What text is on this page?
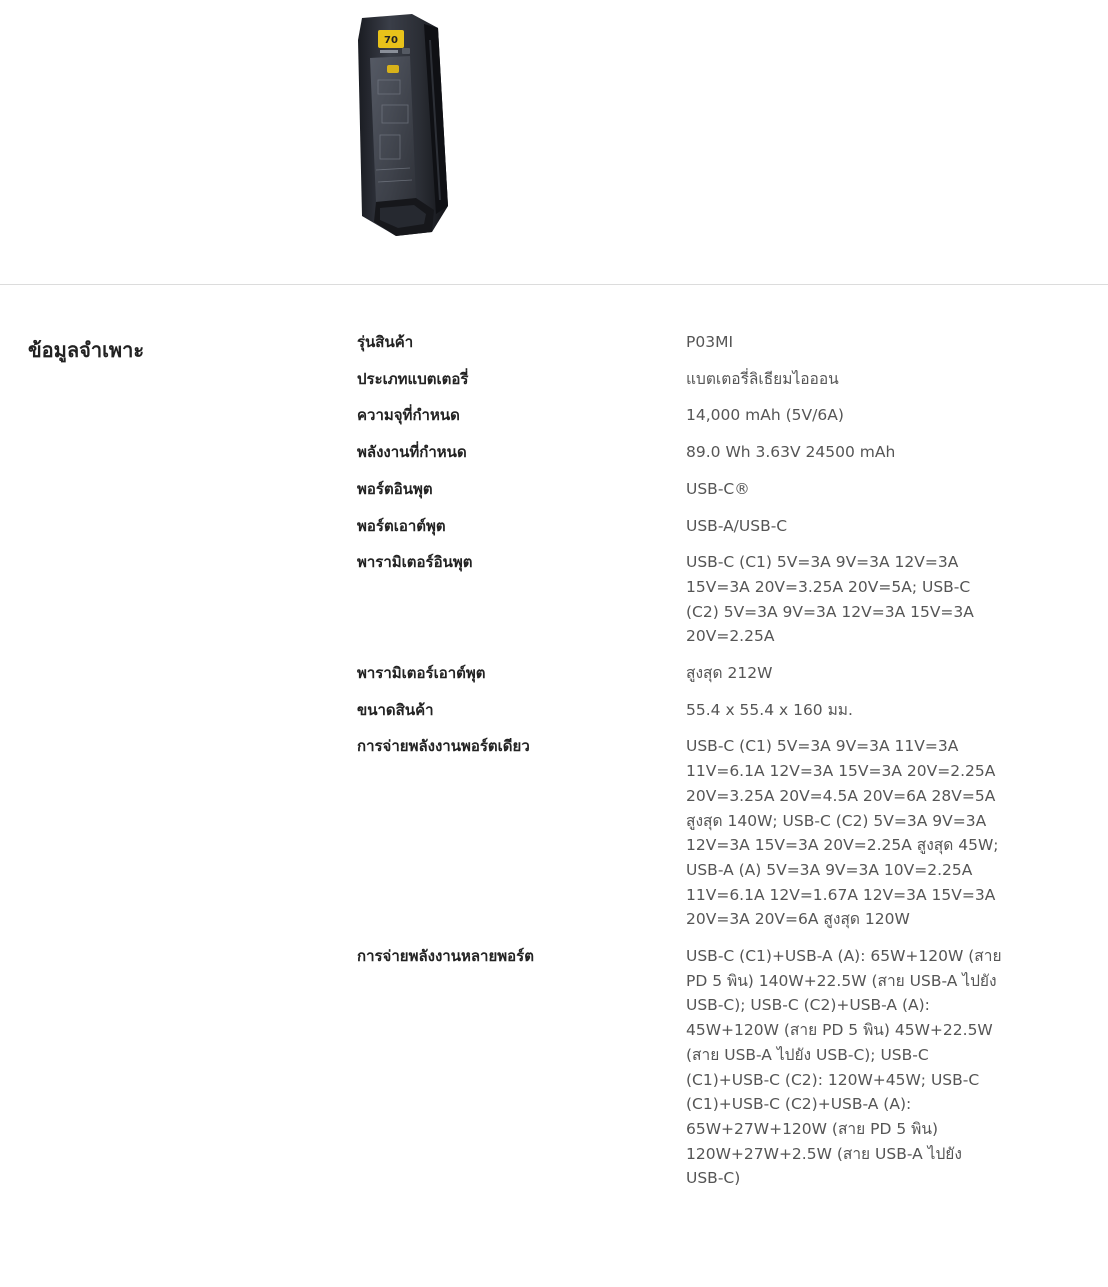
70
ข้อมูลจำเพาะ	รุ่นสินค้า	P03MI
ประเภทแบตเตอรี่	แบตเตอรี่ลิเธียมไอออน
ความจุที่กำหนด	14,000 mAh (5V/6A)
พลังงานที่กำหนด	89.0 Wh 3.63V 24500 mAh
พอร์ตอินพุต	USB-C®
พอร์ตเอาต์พุต	USB-A/USB-C
พารามิเตอร์อินพุต	USB-C (C1) 5V=3A 9V=3A 12V=3A 15V=3A 20V=3.25A 20V=5A; USB-C (C2) 5V=3A 9V=3A 12V=3A 15V=3A 20V=2.25A
พารามิเตอร์เอาต์พุต	สูงสุด 212W
ขนาดสินค้า	55.4 x 55.4 x 160 มม.
การจ่ายพลังงานพอร์ตเดียว	USB-C (C1) 5V=3A 9V=3A 11V=3A 11V=6.1A 12V=3A 15V=3A 20V=2.25A 20V=3.25A 20V=4.5A 20V=6A 28V=5A สูงสุด 140W; USB-C (C2) 5V=3A 9V=3A 12V=3A 15V=3A 20V=2.25A สูงสุด 45W; USB-A (A) 5V=3A 9V=3A 10V=2.25A 11V=6.1A 12V=1.67A 12V=3A 15V=3A 20V=3A 20V=6A สูงสุด 120W
การจ่ายพลังงานหลายพอร์ต	USB-C (C1)+USB-A (A): 65W+120W (สาย PD 5 พิน) 140W+22.5W (สาย USB-A ไปยัง USB-C); USB-C (C2)+USB-A (A): 45W+120W (สาย PD 5 พิน) 45W+22.5W (สาย USB-A ไปยัง USB-C); USB-C (C1)+USB-C (C2): 120W+45W; USB-C (C1)+USB-C (C2)+USB-A (A): 65W+27W+120W (สาย PD 5 พิน) 120W+27W+2.5W (สาย USB-A ไปยัง USB-C)
